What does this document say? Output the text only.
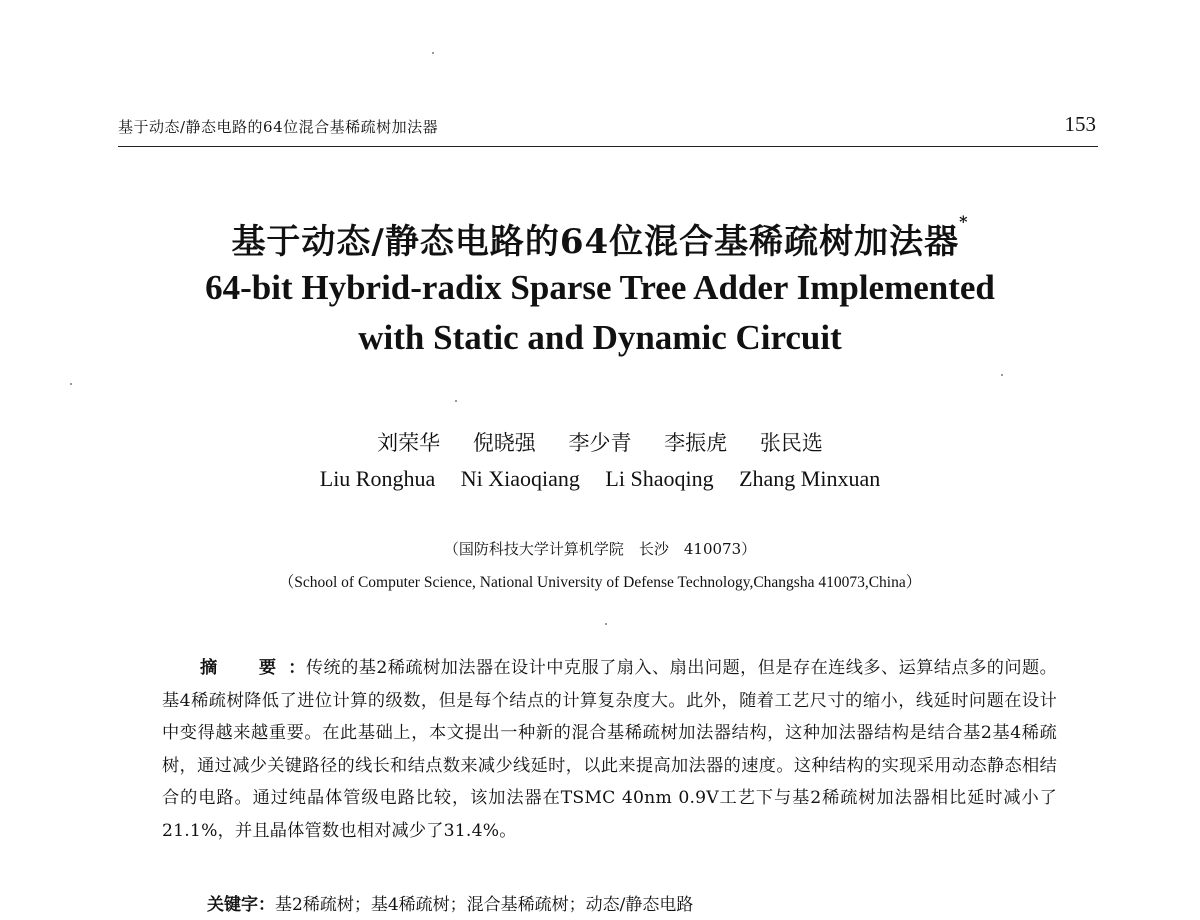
基于动态/静态电路的64位混合基稀疏树加法器	153
基于动态/静态电路的64位混合基稀疏树加法器*
64-bit Hybrid-radix Sparse Tree Adder Implemented
with Static and Dynamic Circuit
刘荣华 倪晓强 李少青 李振虎 张民选
Liu Ronghua Ni Xiaoqiang Li Shaoqing Zhang Minxuan
（国防科技大学计算机学院　长沙　410073）
（School of Computer Science, National University of Defense Technology,Changsha 410073,China）
摘　要：传统的基2稀疏树加法器在设计中克服了扇入、扇出问题，但是存在连线多、运算结点多的问题。基4稀疏树降低了进位计算的级数，但是每个结点的计算复杂度大。此外，随着工艺尺寸的缩小，线延时问题在设计中变得越来越重要。在此基础上，本文提出一种新的混合基稀疏树加法器结构，这种加法器结构是结合基2基4稀疏树，通过减少关键路径的线长和结点数来减少线延时，以此来提高加法器的速度。这种结构的实现采用动态静态相结合的电路。通过纯晶体管级电路比较，该加法器在TSMC 40nm 0.9V工艺下与基2稀疏树加法器相比延时减小了21.1%，并且晶体管数也相对减少了31.4%。
关键字：基2稀疏树；基4稀疏树；混合基稀疏树；动态/静态电路
